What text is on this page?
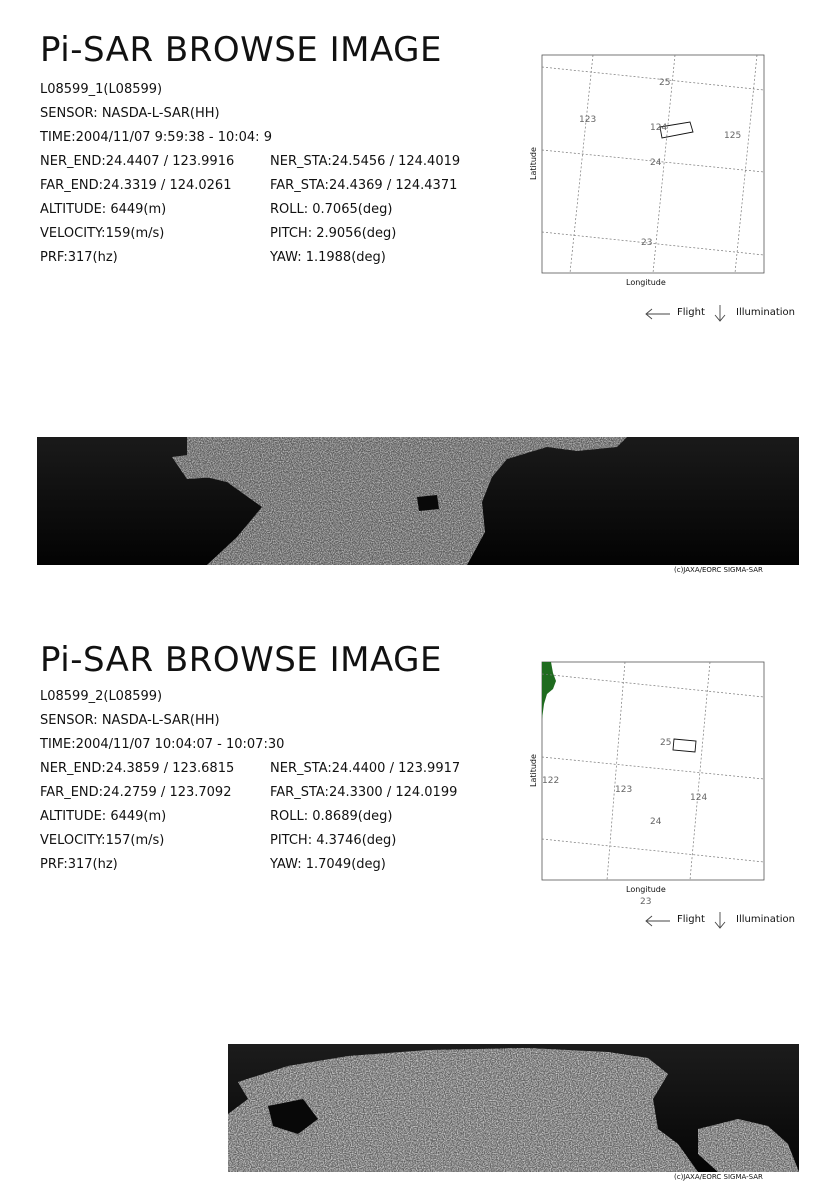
Pi-SAR BROWSE IMAGE
L08599_1(L08599)
SENSOR: NASDA-L-SAR(HH)
TIME:2004/11/07 9:59:38 - 10:04: 9
NER_END:24.4407 / 123.9916	NER_STA:24.5456 / 124.4019
FAR_END:24.3319 / 124.0261	FAR_STA:24.4369 / 124.4371
ALTITUDE: 6449(m)	ROLL: 0.7065(deg)
VELOCITY:159(m/s)	PITCH: 2.9056(deg)
PRF:317(hz)	YAW: 1.1988(deg)
25
123
124
125
24
23
Latitude
Longitude
Flight	Illumination
(c)JAXA/EORC SIGMA-SAR
Pi-SAR BROWSE IMAGE
L08599_2(L08599)
SENSOR: NASDA-L-SAR(HH)
TIME:2004/11/07 10:04:07 - 10:07:30
NER_END:24.3859 / 123.6815	NER_STA:24.4400 / 123.9917
FAR_END:24.2759 / 123.7092	FAR_STA:24.3300 / 124.0199
ALTITUDE: 6449(m)	ROLL: 0.8689(deg)
VELOCITY:157(m/s)	PITCH: 4.3746(deg)
PRF:317(hz)	YAW: 1.7049(deg)
25
122
123
124
24
23
Latitude
Longitude
Flight	Illumination
(c)JAXA/EORC SIGMA-SAR
